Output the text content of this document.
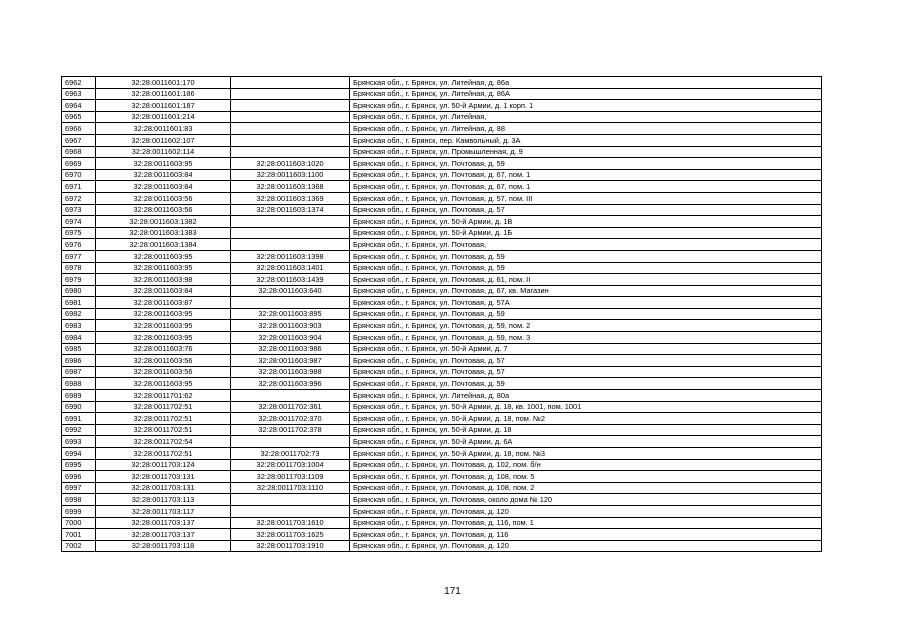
6962	32:28:0011601:170		Брянская обл., г. Брянск, ул. Литейная, д. 86а
6963	32:28:0011601:186		Брянская обл., г. Брянск, ул. Литейная, д. 86А
6964	32:28:0011601:187		Брянская обл., г. Брянск, ул. 50-й Армии, д. 1 корп. 1
6965	32:28:0011601:214		Брянская обл., г. Брянск, ул. Литейная,
6966	32:28:0011601:83		Брянская обл., г. Брянск, ул. Литейная, д. 88
6967	32:28:0011602:107		Брянская обл., г. Брянск, пер. Камвольный, д. 3А
6968	32:28:0011602:114		Брянская обл., г. Брянск, ул. Промышленная, д. 9
6969	32:28:0011603:95	32:28:0011603:1020	Брянская обл., г. Брянск, ул. Почтовая, д. 59
6970	32:28:0011603:84	32:28:0011603:1100	Брянская обл., г. Брянск, ул. Почтовая, д. 67, пом. 1
6971	32:28:0011603:84	32:28:0011603:1368	Брянская обл., г. Брянск, ул. Почтовая, д. 67, пом. 1
6972	32:28:0011603:56	32:28:0011603:1369	Брянская обл., г. Брянск, ул. Почтовая, д. 57, пом. III
6973	32:28:0011603:56	32:28:0011603:1374	Брянская обл., г. Брянск, ул. Почтовая, д. 57
6974	32:28:0011603:1382		Брянская обл., г. Брянск, ул. 50-й Армии, д. 1В
6975	32:28:0011603:1383		Брянская обл., г. Брянск, ул. 50-й Армии, д. 1Б
6976	32:28:0011603:1384		Брянская обл., г. Брянск, ул. Почтовая,
6977	32:28:0011603:95	32:28:0011603:1398	Брянская обл., г. Брянск, ул. Почтовая, д. 59
6978	32:28:0011603:95	32:28:0011603:1401	Брянская обл., г. Брянск, ул. Почтовая, д. 59
6979	32:28:0011603:98	32:28:0011603:1439	Брянская обл., г. Брянск, ул. Почтовая, д. 61, пом. II
6980	32:28:0011603:84	32:28:0011603:640	Брянская обл., г. Брянск, ул. Почтовая, д. 67, кв. Магазин
6981	32:28:0011603:87		Брянская обл., г. Брянск, ул. Почтовая, д. 57А
6982	32:28:0011603:95	32:28:0011603:895	Брянская обл., г. Брянск, ул. Почтовая, д. 59
6983	32:28:0011603:95	32:28:0011603:903	Брянская обл., г. Брянск, ул. Почтовая, д. 59, пом. 2
6984	32:28:0011603:95	32:28:0011603:904	Брянская обл., г. Брянск, ул. Почтовая, д. 59, пом. 3
6985	32:28:0011603:76	32:28:0011603:986	Брянская обл., г. Брянск, ул. 50-й Армии, д. 7
6986	32:28:0011603:56	32:28:0011603:987	Брянская обл., г. Брянск, ул. Почтовая, д. 57
6987	32:28:0011603:56	32:28:0011603:988	Брянская обл., г. Брянск, ул. Почтовая, д. 57
6988	32:28:0011603:95	32:28:0011603:996	Брянская обл., г. Брянск, ул. Почтовая, д. 59
6989	32:28:0011701:62		Брянская обл., г. Брянск, ул. Литейная, д. 80а
6990	32:28:0011702:51	32:28:0011702:361	Брянская обл., г. Брянск, ул. 50-й Армии, д. 18, кв. 1001, пом. 1001
6991	32:28:0011702:51	32:28:0011702:370	Брянская обл., г. Брянск, ул. 50-й Армии, д. 18, пом. №2
6992	32:28:0011702:51	32:28:0011702:378	Брянская обл., г. Брянск, ул. 50-й Армии, д. 18
6993	32:28:0011702:54		Брянская обл., г. Брянск, ул. 50-й Армии, д. 6А
6994	32:28:0011702:51	32:28:0011702:73	Брянская обл., г. Брянск, ул. 50-й Армии, д. 18, пом. №3
6995	32:28:0011703:124	32:28:0011703:1004	Брянская обл., г. Брянск, ул. Почтовая, д. 102, пом. б/н
6996	32:28:0011703:131	32:28:0011703:1109	Брянская обл., г. Брянск, ул. Почтовая, д. 108, пом. 5
6997	32:28:0011703:131	32:28:0011703:1110	Брянская обл., г. Брянск, ул. Почтовая, д. 108, пом. 2
6998	32:28:0011703:113		Брянская обл., г. Брянск, ул. Почтовая, около дома № 120
6999	32:28:0011703:117		Брянская обл., г. Брянск, ул. Почтовая, д. 120
7000	32:28:0011703:137	32:28:0011703:1610	Брянская обл., г. Брянск, ул. Почтовая, д. 116, пом. 1
7001	32:28:0011703:137	32:28:0011703:1625	Брянская обл., г. Брянск, ул. Почтовая, д. 116
7002	32:28:0011703:118	32:28:0011703:1910	Брянская обл., г. Брянск, ул. Почтовая, д. 120
171
